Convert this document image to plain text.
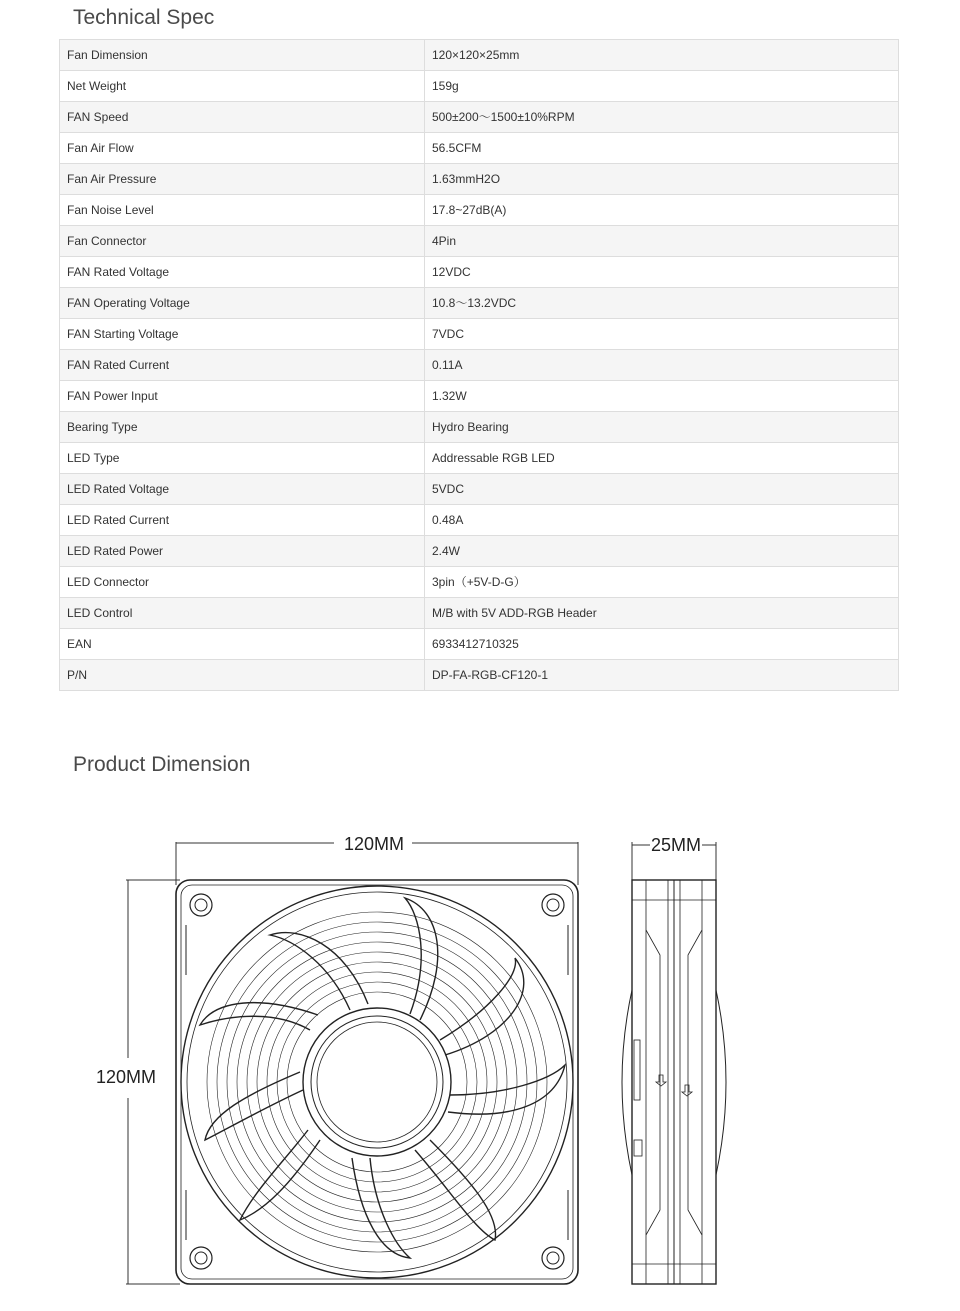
Technical Spec
Fan Dimension	120×120×25mm
Net Weight	159g
FAN Speed	500±200～1500±10%RPM
Fan Air Flow	56.5CFM
Fan Air Pressure	1.63mmH2O
Fan Noise Level	17.8~27dB(A)
Fan Connector	4Pin
FAN Rated Voltage	12VDC
FAN Operating Voltage	10.8～13.2VDC
FAN Starting Voltage	7VDC
FAN Rated Current	0.11A
FAN Power Input	1.32W
Bearing Type	Hydro Bearing
LED Type	Addressable RGB LED
LED Rated Voltage	5VDC
LED Rated Current	0.48A
LED Rated Power	2.4W
LED Connector	3pin（+5V-D-G）
LED Control	M/B with 5V ADD-RGB Header
EAN	6933412710325
P/N	DP-FA-RGB-CF120-1
Product Dimension
120MM
120MM
25MM
